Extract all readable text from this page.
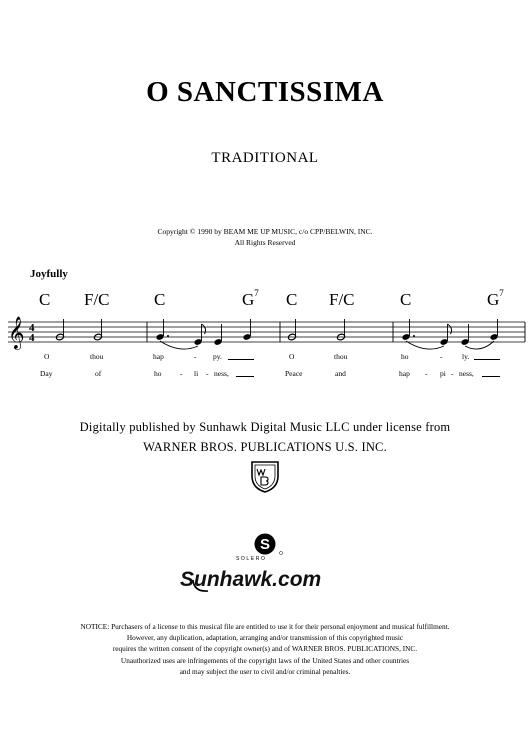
O SANCTISSIMA
TRADITIONAL
Copyright © 1990 by BEAM ME UP MUSIC, c/o CPP/BELWIN, INC.
All Rights Reserved
Joyfully
C F/C	C	$G^7$ C F/C	C	$G^7$
𝄞 4
4
O	thou	hap	- py.	O	thou	ho	-	ly.
Day	of	ho - li - ness,	Peace	and	hap - pi - ness,
Digitally published by Sunhawk Digital Music LLC under license from
WARNER BROS. PUBLICATIONS U.S. INC.
S
SOLERO
Sunhawk.com
NOTICE: Purchasers of a license to this musical file are entitled to use it for their personal enjoyment and musical fulfillment.
However, any duplication, adaptation, arranging and/or transmission of this copyrighted music
requires the written consent of the copyright owner(s) and of WARNER BROS. PUBLICATIONS, INC.
Unauthorized uses are infringements of the copyright laws of the United States and other countries
and may subject the user to civil and/or criminal penalties.
